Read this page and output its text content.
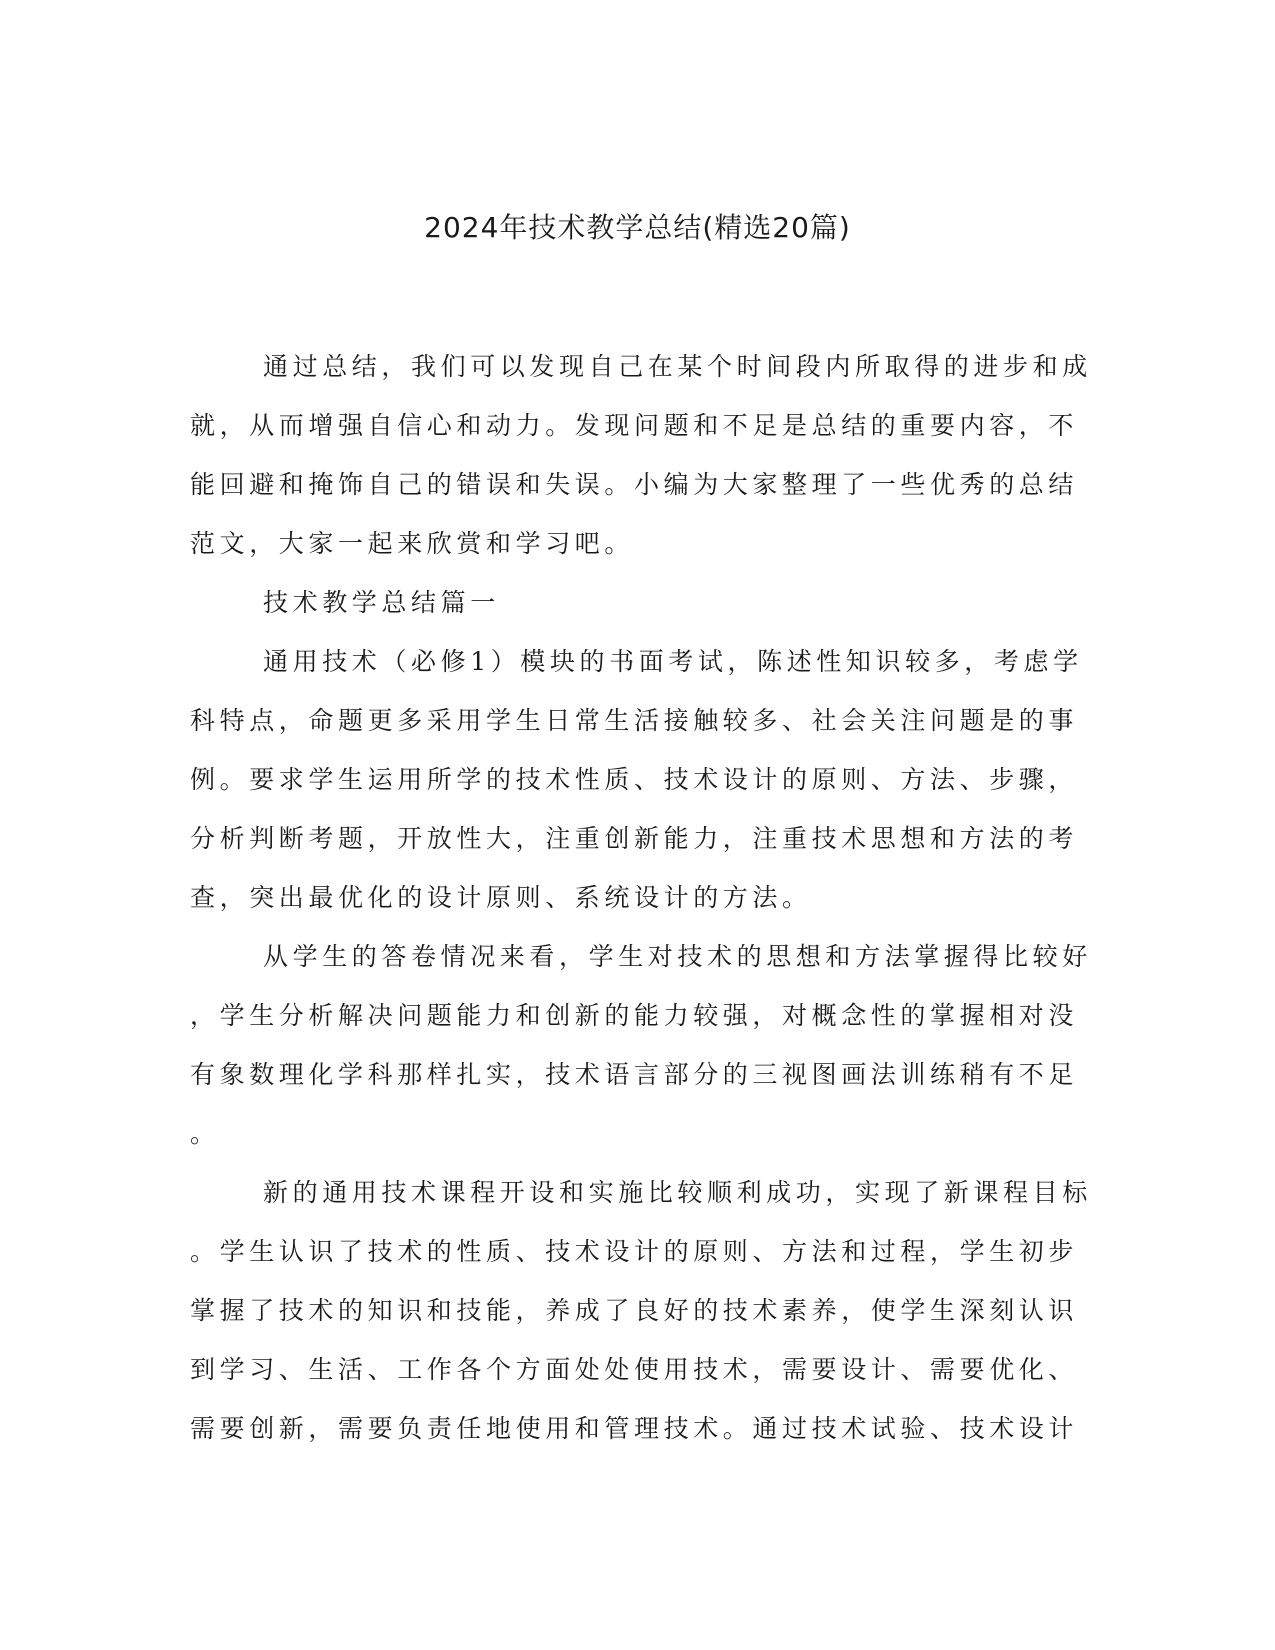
2024年技术教学总结(精选20篇)
通过总结，我们可以发现自己在某个时间段内所取得的进步和成
就，从而增强自信心和动力。发现问题和不足是总结的重要内容，不
能回避和掩饰自己的错误和失误。小编为大家整理了一些优秀的总结
范文，大家一起来欣赏和学习吧。
技术教学总结篇一
通用技术（必修1）模块的书面考试，陈述性知识较多，考虑学
科特点，命题更多采用学生日常生活接触较多、社会关注问题是的事
例。要求学生运用所学的技术性质、技术设计的原则、方法、步骤，
分析判断考题，开放性大，注重创新能力，注重技术思想和方法的考
查，突出最优化的设计原则、系统设计的方法。
从学生的答卷情况来看，学生对技术的思想和方法掌握得比较好
，学生分析解决问题能力和创新的能力较强，对概念性的掌握相对没
有象数理化学科那样扎实，技术语言部分的三视图画法训练稍有不足
。
新的通用技术课程开设和实施比较顺利成功，实现了新课程目标
。学生认识了技术的性质、技术设计的原则、方法和过程，学生初步
掌握了技术的知识和技能，养成了良好的技术素养，使学生深刻认识
到学习、生活、工作各个方面处处使用技术，需要设计、需要优化、
需要创新，需要负责任地使用和管理技术。通过技术试验、技术设计
